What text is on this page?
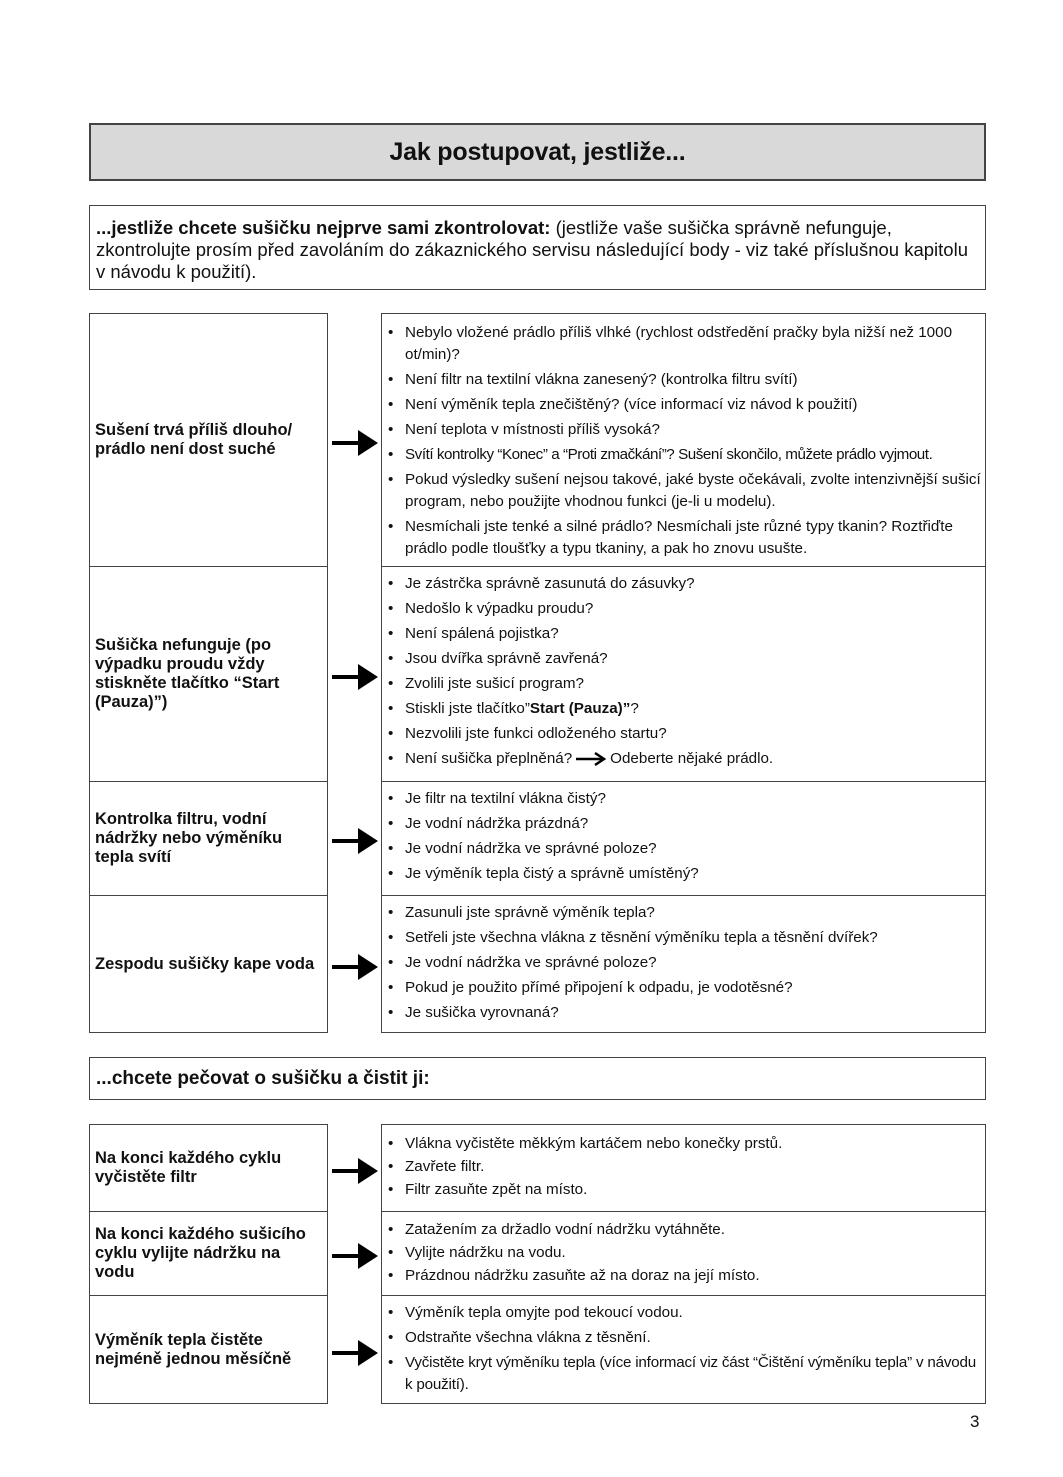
Jak postupovat, jestliže...
...jestliže chcete sušičku nejprve sami zkontrolovat: (jestliže vaše sušička správně nefunguje, zkontrolujte prosím před zavoláním do zákaznického servisu následující body - viz také příslušnou kapitolu v návodu k použití).
Sušení trvá příliš dlouho/ prádlo není dost suché
• Nebylo vložené prádlo příliš vlhké (rychlost odstředění pračky byla nižší než 1000 ot/min)?
• Není filtr na textilní vlákna zanesený? (kontrolka filtru svítí)
• Není výměník tepla znečištěný? (více informací viz návod k použití)
• Není teplota v místnosti příliš vysoká?
• Svítí kontrolky “Konec” a “Proti zmačkání”? Sušení skončilo, můžete prádlo vyjmout.
• Pokud výsledky sušení nejsou takové, jaké byste očekávali, zvolte intenzivnější sušicí program, nebo použijte vhodnou funkci (je-li u modelu).
• Nesmíchali jste tenké a silné prádlo? Nesmíchali jste různé typy tkanin? Roztřiďte prádlo podle tloušťky a typu tkaniny, a pak ho znovu usušte.
Sušička nefunguje (po výpadku proudu vždy stiskněte tlačítko “Start (Pauza)”)
• Je zástrčka správně zasunutá do zásuvky?
• Nedošlo k výpadku proudu?
• Není spálená pojistka?
• Jsou dvířka správně zavřená?
• Zvolili jste sušicí program?
• Stiskli jste tlačítko”Start (Pauza)”?
• Nezvolili jste funkci odloženého startu?
• Není sušička přeplněná?	Odeberte nějaké prádlo.
Kontrolka filtru, vodní nádržky nebo výměníku tepla svítí
• Je filtr na textilní vlákna čistý?
• Je vodní nádržka prázdná?
• Je vodní nádržka ve správné poloze?
• Je výměník tepla čistý a správně umístěný?
Zespodu sušičky kape voda
• Zasunuli jste správně výměník tepla?
• Setřeli jste všechna vlákna z těsnění výměníku tepla a těsnění dvířek?
• Je vodní nádržka ve správné poloze?
• Pokud je použito přímé připojení k odpadu, je vodotěsné?
• Je sušička vyrovnaná?
...chcete pečovat o sušičku a čistit ji:
Na konci každého cyklu vyčistěte filtr
• Vlákna vyčistěte měkkým kartáčem nebo konečky prstů.
• Zavřete filtr.
• Filtr zasuňte zpět na místo.
Na konci každého sušicího cyklu vylijte nádržku na vodu
• Zatažením za držadlo vodní nádržku vytáhněte.
• Vylijte nádržku na vodu.
• Prázdnou nádržku zasuňte až na doraz na její místo.
Výměník tepla čistěte nejméně jednou měsíčně
• Výměník tepla omyjte pod tekoucí vodou.
• Odstraňte všechna vlákna z těsnění.
• Vyčistěte kryt výměníku tepla (více informací viz část “Čištění výměníku tepla” v návodu k použití).
3
